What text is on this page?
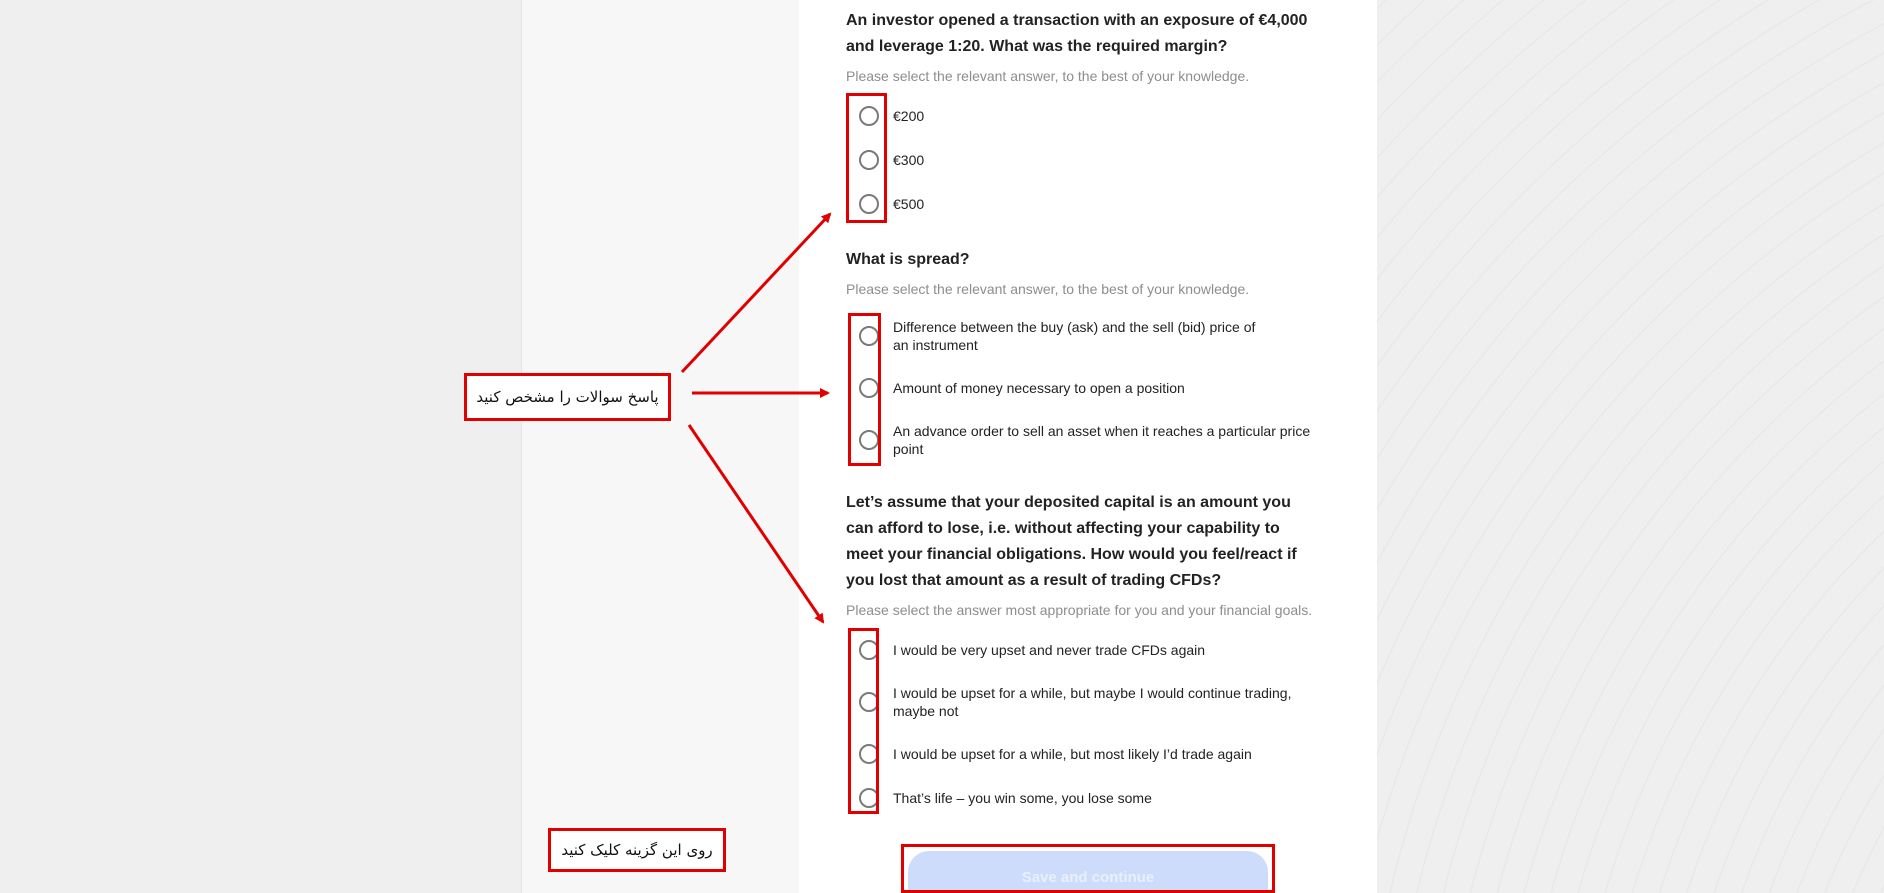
An investor opened a transaction with an exposure of €4,000 and leverage 1:20. What was the required margin?
Please select the relevant answer, to the best of your knowledge.
€200
€300
€500
What is spread?
Please select the relevant answer, to the best of your knowledge.
Difference between the buy (ask) and the sell (bid) price of an instrument
Amount of money necessary to open a position
An advance order to sell an asset when it reaches a particular price point
Let’s assume that your deposited capital is an amount you can afford to lose, i.e. without affecting your capability to meet your financial obligations. How would you feel/react if you lost that amount as a result of trading CFDs?
Please select the answer most appropriate for you and your financial goals.
I would be very upset and never trade CFDs again
I would be upset for a while, but maybe I would continue trading, maybe not
I would be upset for a while, but most likely I’d trade again
That’s life – you win some, you lose some
Save and continue
پاسخ سوالات را مشخص کنید
روی این گزینه کلیک کنید
